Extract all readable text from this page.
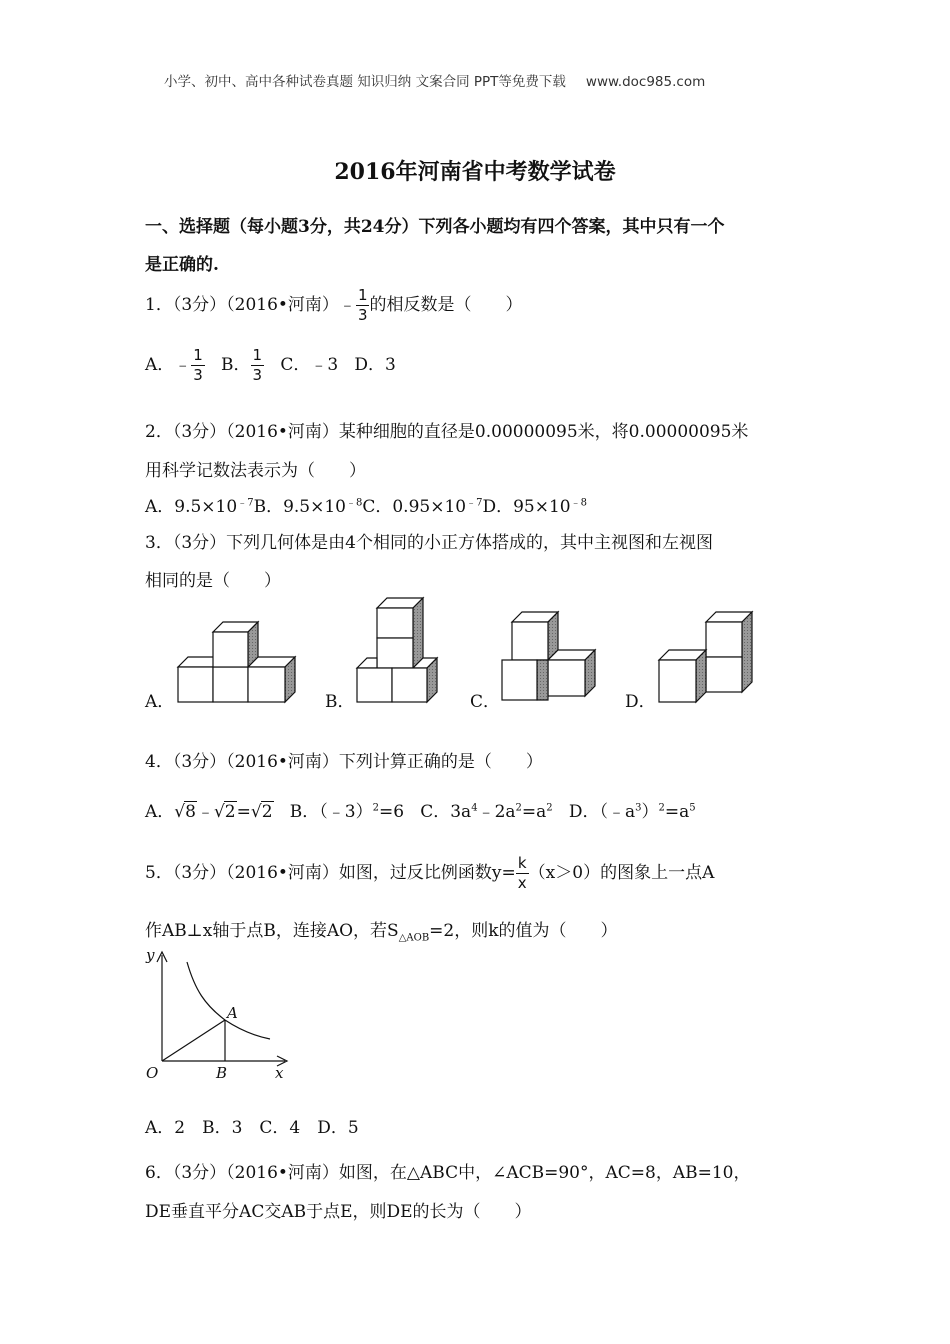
小学、初中、高中各种试卷真题 知识归纳 文案合同 PPT等免费下载 www.doc985.com
2016年河南省中考数学试卷
一、选择题（每小题3分，共24分）下列各小题均有四个答案，其中只有一个
是正确的.
1．（3分）（2016•河南）﹣ $\frac{1}{3}$ 的相反数是（　　）
A．﹣ $\frac{1}{3}$ B． $\frac{1}{3}$ C．﹣3 D．3
2．（3分）（2016•河南）某种细胞的直径是0.00000095米，将0.00000095米
用科学记数法表示为（　　）
A．$9.5\times 10^{﹣7}B$．$9.5\times 10^{﹣8}C$．$0.95\times 10^{﹣7}D$．$95\times 10^{﹣8}$
3．（3分）下列几何体是由4个相同的小正方体搭成的，其中主视图和左视图
相同的是（　　）
A．	B．	C．	D．
4．（3分）（2016•河南）下列计算正确的是（　　）
A．√8﹣√2=√2 B．（﹣3）$^2$=6 C．$3a^4﹣2a^2=a^2$ D．$(﹣a^3)^2=a^5$
5．（3分）（2016•河南）如图，过反比例函数$y= \frac{k}{x} (x>0)$的图象上一点A
作AB⊥x轴于点B，连接AO，若$S_{\triangle AOB}=2$，则k的值为（　　）
y
x
O
A
B
A．2　B．3　C．4　D．5
6．（3分）（2016•河南）如图，在△ABC中，∠ACB=90°，AC=8，AB=10，
DE垂直平分AC交AB于点E，则DE的长为（　　）
